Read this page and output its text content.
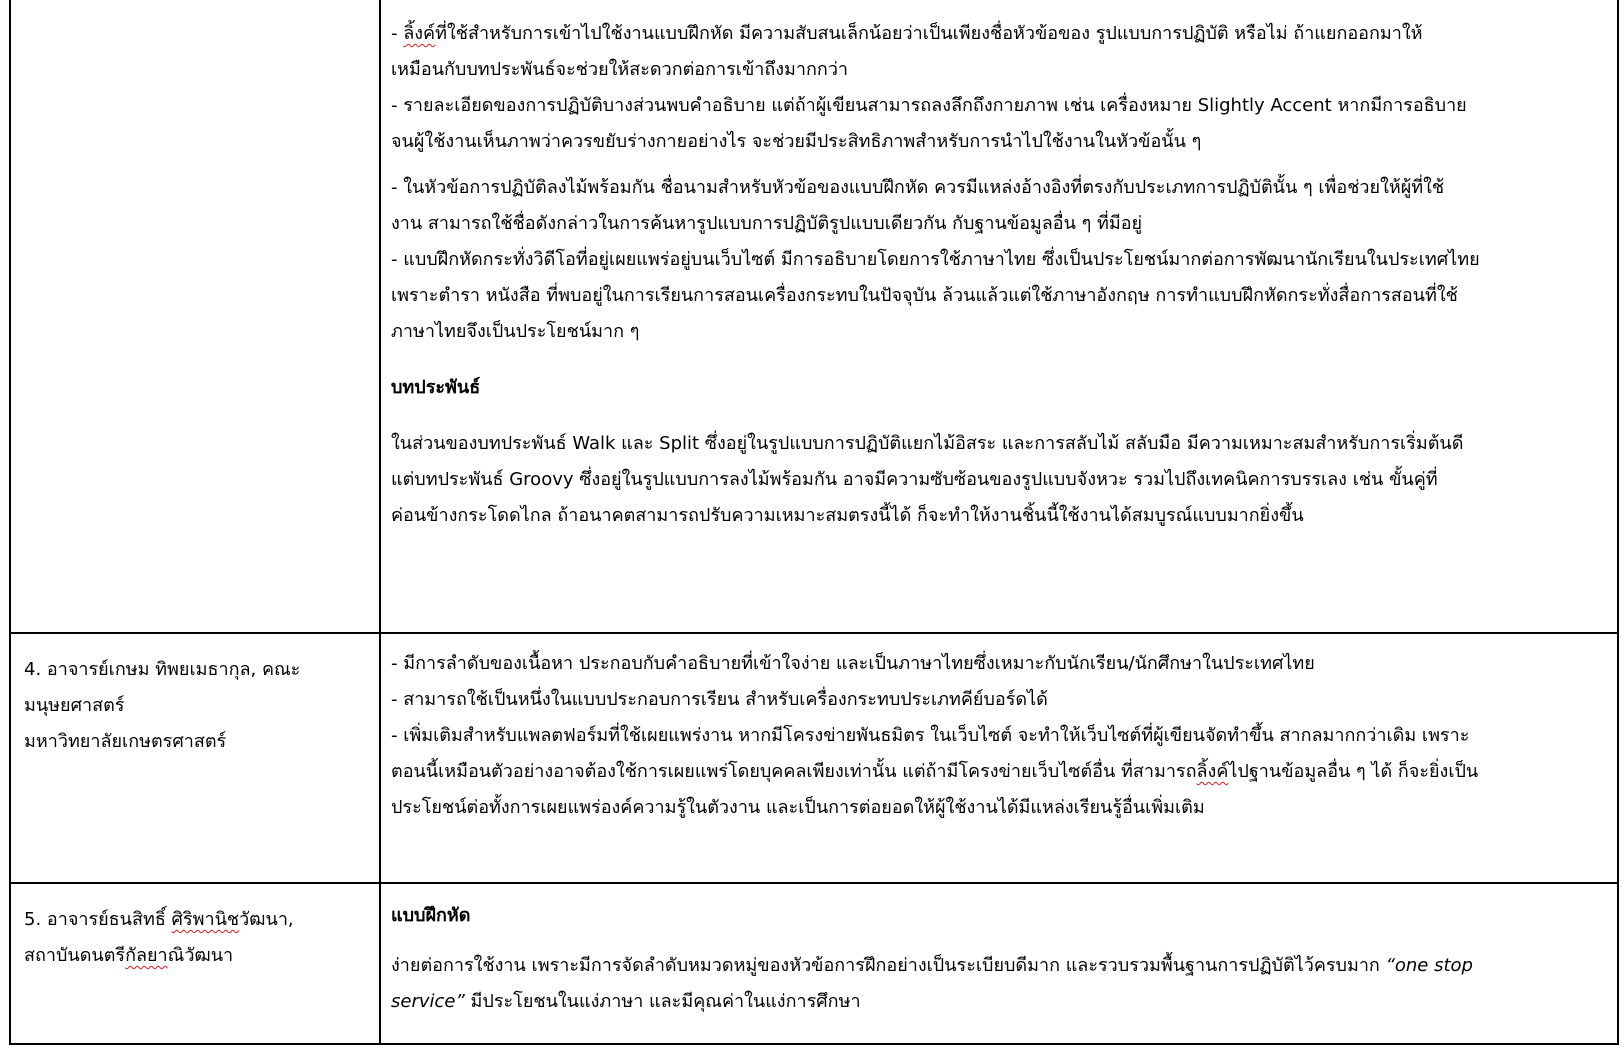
- ลิ้งค์ที่ใช้สำหรับการเข้าไปใช้งานแบบฝึกหัด มีความสับสนเล็กน้อยว่าเป็นเพียงชื่อหัวข้อของ รูปแบบการปฏิบัติ หรือไม่ ถ้าแยกออกมาให้

เหมือนกับบทประพันธ์จะช่วยให้สะดวกต่อการเข้าถึงมากกว่า

- รายละเอียดของการปฏิบัติบางส่วนพบคำอธิบาย แต่ถ้าผู้เขียนสามารถลงลึกถึงกายภาพ เช่น เครื่องหมาย Slightly Accent หากมีการอธิบาย

จนผู้ใช้งานเห็นภาพว่าควรขยับร่างกายอย่างไร จะช่วยมีประสิทธิภาพสำหรับการนำไปใช้งานในหัวข้อนั้น ๆ

- ในหัวข้อการปฏิบัติลงไม้พร้อมกัน ชื่อนามสำหรับหัวข้อของแบบฝึกหัด ควรมีแหล่งอ้างอิงที่ตรงกับประเภทการปฏิบัตินั้น ๆ เพื่อช่วยให้ผู้ที่ใช้

งาน สามารถใช้ชื่อดังกล่าวในการค้นหารูปแบบการปฏิบัติรูปแบบเดียวกัน กับฐานข้อมูลอื่น ๆ ที่มีอยู่

- แบบฝึกหัดกระทั่งวิดีโอที่อยู่เผยแพร่อยู่บนเว็บไซต์ มีการอธิบายโดยการใช้ภาษาไทย ซึ่งเป็นประโยชน์มากต่อการพัฒนานักเรียนในประเทศไทย

เพราะตำรา หนังสือ ที่พบอยู่ในการเรียนการสอนเครื่องกระทบในปัจจุบัน ล้วนแล้วแต่ใช้ภาษาอังกฤษ การทำแบบฝึกหัดกระทั่งสื่อการสอนที่ใช้

ภาษาไทยจึงเป็นประโยชน์มาก ๆ

บทประพันธ์

ในส่วนของบทประพันธ์ Walk และ Split ซึ่งอยู่ในรูปแบบการปฏิบัติแยกไม้อิสระ และการสลับไม้ สลับมือ มีความเหมาะสมสำหรับการเริ่มต้นดี

แต่บทประพันธ์ Groovy ซึ่งอยู่ในรูปแบบการลงไม้พร้อมกัน อาจมีความซับซ้อนของรูปแบบจังหวะ รวมไปถึงเทคนิคการบรรเลง เช่น ขั้นคู่ที่

ค่อนข้างกระโดดไกล ถ้าอนาคตสามารถปรับความเหมาะสมตรงนี้ได้ ก็จะทำให้งานชิ้นนี้ใช้งานได้สมบูรณ์แบบมากยิ่งขึ้น

4. อาจารย์เกษม ทิพยเมธากุล, คณะ

มนุษยศาสตร์

มหาวิทยาลัยเกษตรศาสตร์

- มีการลำดับของเนื้อหา ประกอบกับคำอธิบายที่เข้าใจง่าย และเป็นภาษาไทยซึ่งเหมาะกับนักเรียน/นักศึกษาในประเทศไทย

- สามารถใช้เป็นหนึ่งในแบบประกอบการเรียน สำหรับเครื่องกระทบประเภทคีย์บอร์ดได้

- เพิ่มเติมสำหรับแพลตฟอร์มที่ใช้เผยแพร่งาน หากมีโครงข่ายพันธมิตร ในเว็บไซต์ จะทำให้เว็บไซต์ที่ผู้เขียนจัดทำขึ้น สากลมากกว่าเดิม เพราะ

ตอนนี้เหมือนตัวอย่างอาจต้องใช้การเผยแพร่โดยบุคคลเพียงเท่านั้น แต่ถ้ามีโครงข่ายเว็บไซต์อื่น ที่สามารถลิ้งค์ไปฐานข้อมูลอื่น ๆ ได้ ก็จะยิ่งเป็น

ประโยชน์ต่อทั้งการเผยแพร่องค์ความรู้ในตัวงาน และเป็นการต่อยอดให้ผู้ใช้งานได้มีแหล่งเรียนรู้อื่นเพิ่มเติม

5. อาจารย์ธนสิทธิ์ ศิริพานิชวัฒนา,

สถาบันดนตรีกัลยาณิวัฒนา

แบบฝึกหัด

ง่ายต่อการใช้งาน เพราะมีการจัดลำดับหมวดหมู่ของหัวข้อการฝึกอย่างเป็นระเบียบดีมาก และรวบรวมพื้นฐานการปฏิบัติไว้ครบมาก “one stop

service” มีประโยชนในแง่ภาษา และมีคุณค่าในแง่การศึกษา
